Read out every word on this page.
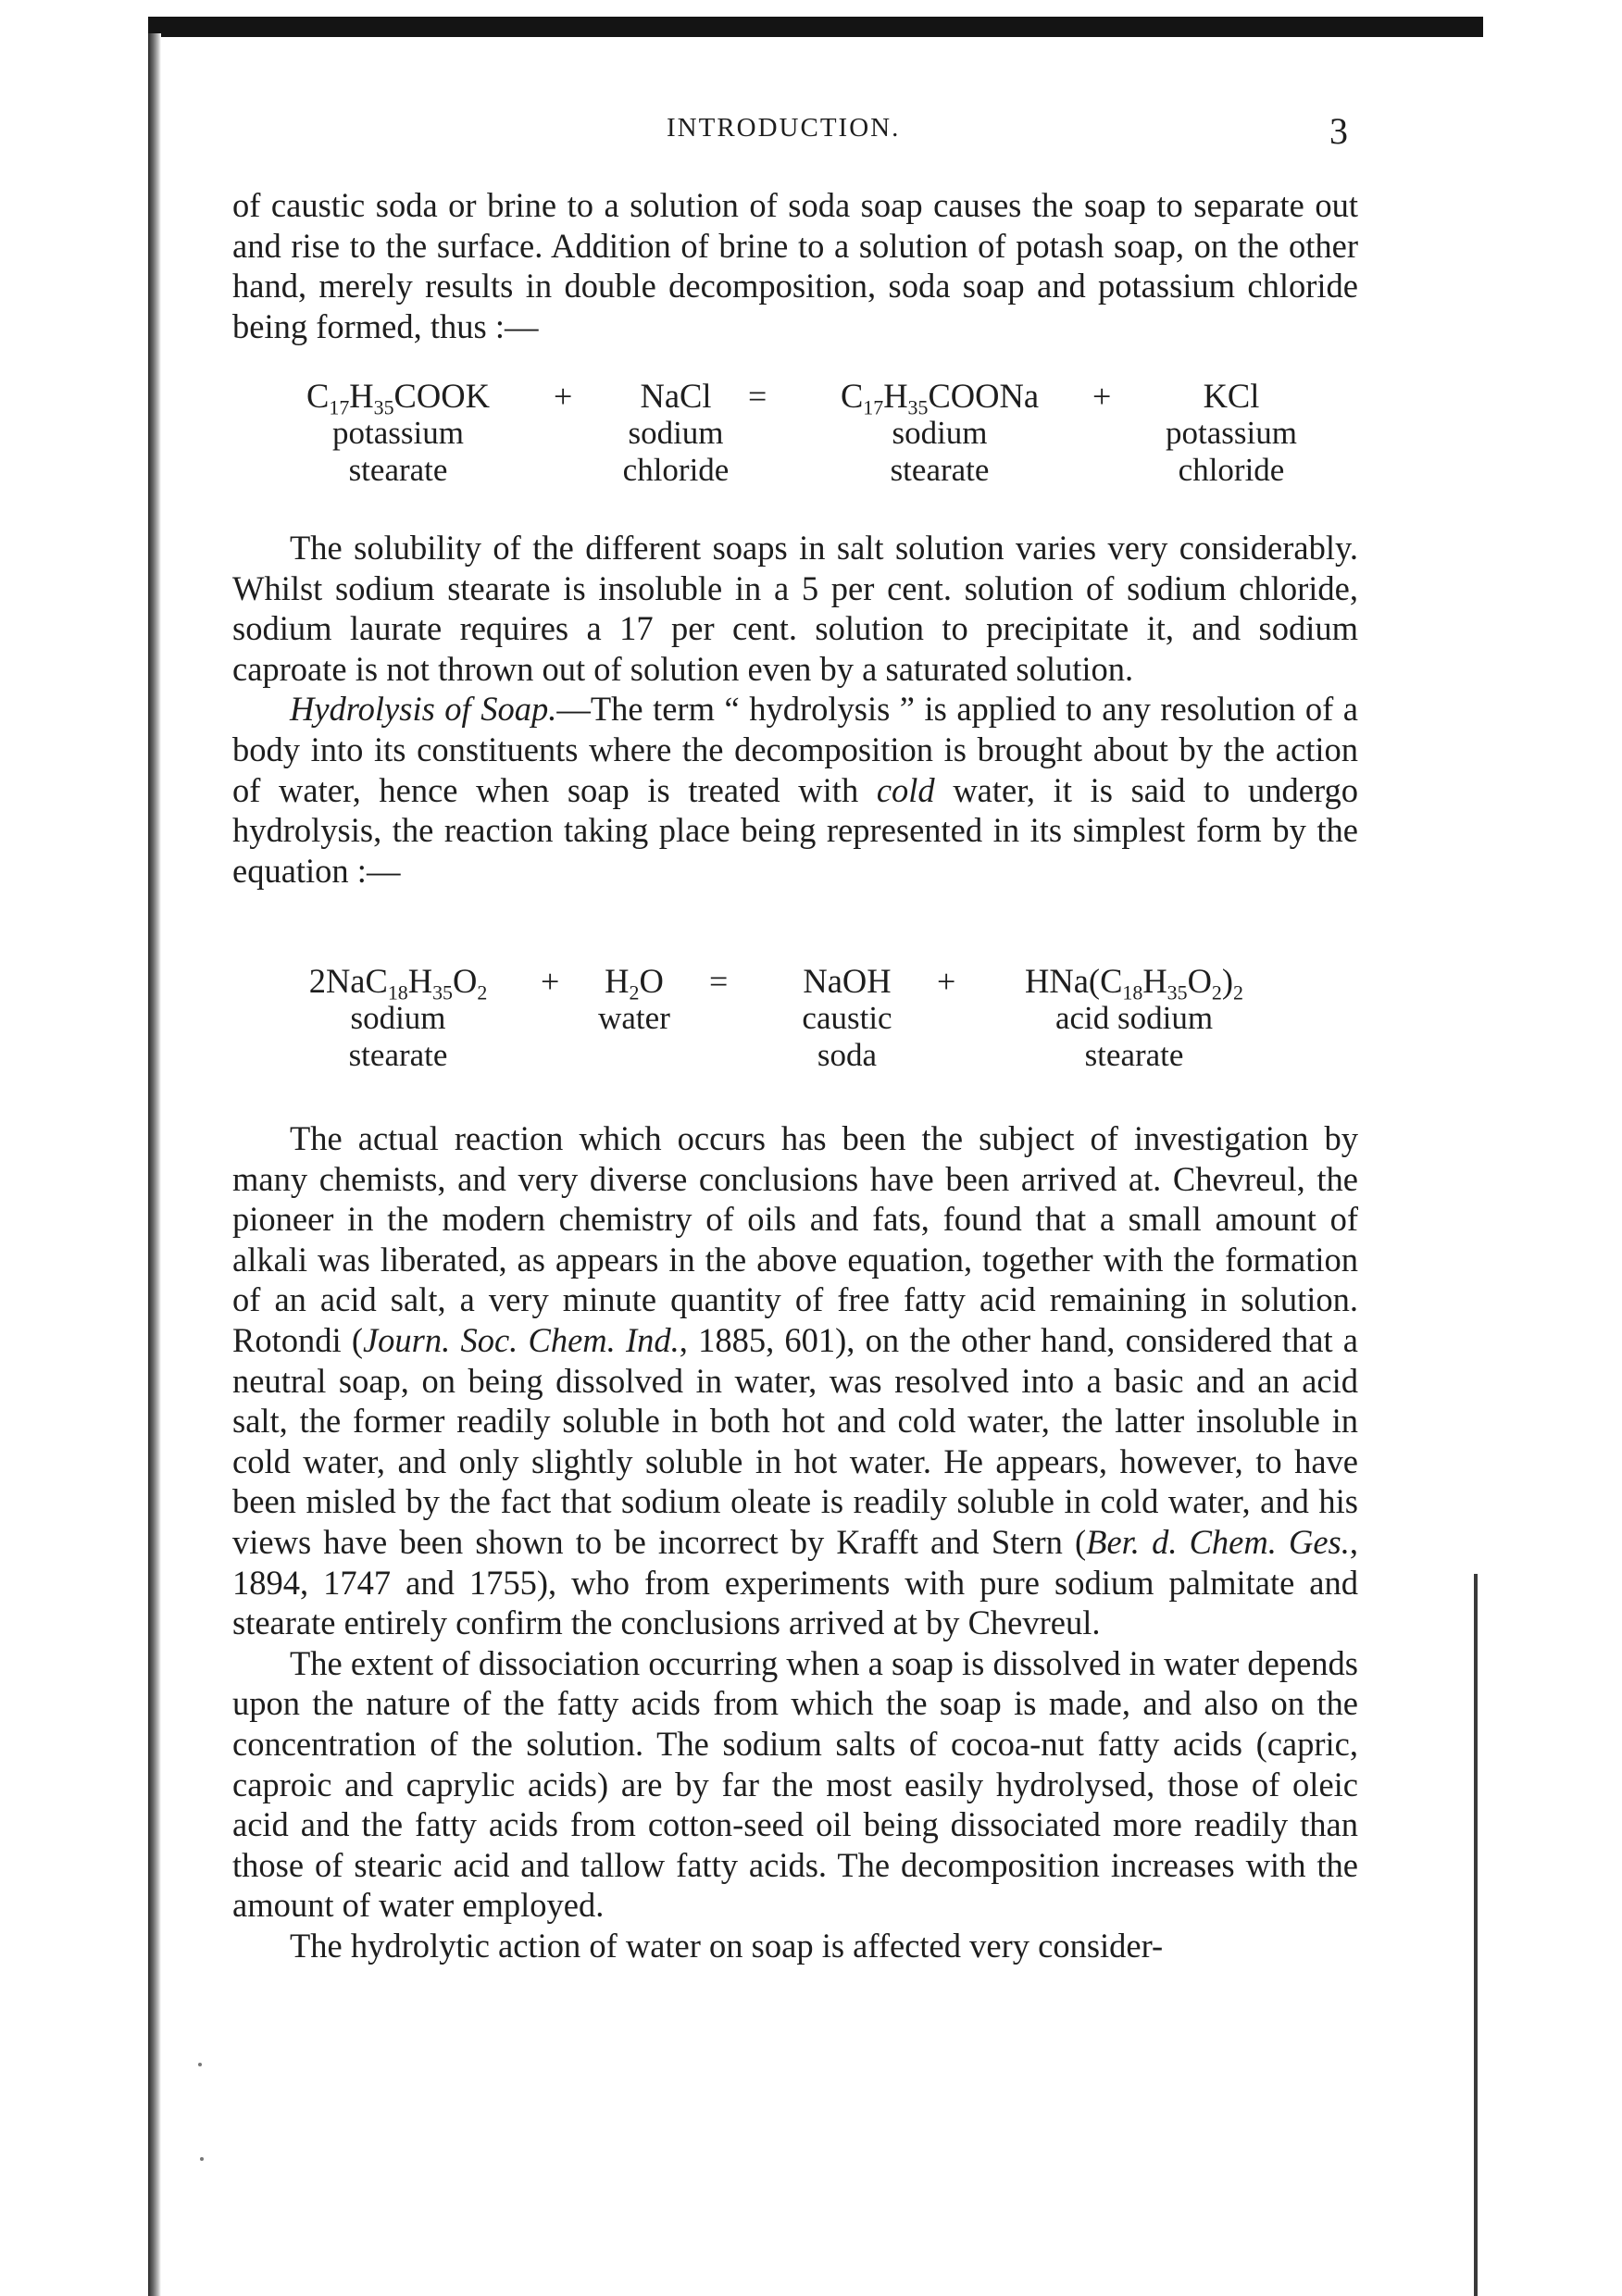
INTRODUCTION.	3

of caustic soda or brine to a solution of soda soap causes the soap to separate out and rise to the surface. Addition of brine to a solution of potash soap, on the other hand, merely results in double decomposition, soda soap and potassium chloride being formed, thus :—

$C_{17}H_{35}COOK$
potassium
stearate
+	NaCl
sodium
chloride
=	$C_{17}H_{35}COONa$
sodium
stearate
+	KCl
potassium
chloride

The solubility of the different soaps in salt solution varies very considerably. Whilst sodium stearate is insoluble in a 5 per cent. solution of sodium chloride, sodium laurate requires a 17 per cent. solution to precipitate it, and sodium caproate is not thrown out of solution even by a saturated solution.

Hydrolysis of Soap.—The term “ hydrolysis ” is applied to any resolution of a body into its constituents where the decomposition is brought about by the action of water, hence when soap is treated with cold water, it is said to undergo hydrolysis, the reaction taking place being represented in its simplest form by the equation :—

$2NaC_{18}H_{35}O_2$
sodium
stearate
+	$H_2O$
water
=	NaOH
caustic
soda
+	$HNa(C_{18}H_{35}O_2)_2$
acid sodium
stearate

The actual reaction which occurs has been the subject of investigation by many chemists, and very diverse conclusions have been arrived at. Chevreul, the pioneer in the modern chemistry of oils and fats, found that a small amount of alkali was liberated, as appears in the above equation, together with the formation of an acid salt, a very minute quantity of free fatty acid remaining in solution. Rotondi (Journ. Soc. Chem. Ind., 1885, 601), on the other hand, considered that a neutral soap, on being dissolved in water, was resolved into a basic and an acid salt, the former readily soluble in both hot and cold water, the latter insoluble in cold water, and only slightly soluble in hot water. He appears, however, to have been misled by the fact that sodium oleate is readily soluble in cold water, and his views have been shown to be incorrect by Krafft and Stern (Ber. d. Chem. Ges., 1894, 1747 and 1755), who from experiments with pure sodium palmitate and stearate entirely confirm the conclusions arrived at by Chevreul.

The extent of dissociation occurring when a soap is dissolved in water depends upon the nature of the fatty acids from which the soap is made, and also on the concentration of the solution. The sodium salts of cocoa-nut fatty acids (capric, caproic and caprylic acids) are by far the most easily hydrolysed, those of oleic acid and the fatty acids from cotton-seed oil being dissociated more readily than those of stearic acid and tallow fatty acids. The decomposition increases with the amount of water employed.

The hydrolytic action of water on soap is affected very consider-
